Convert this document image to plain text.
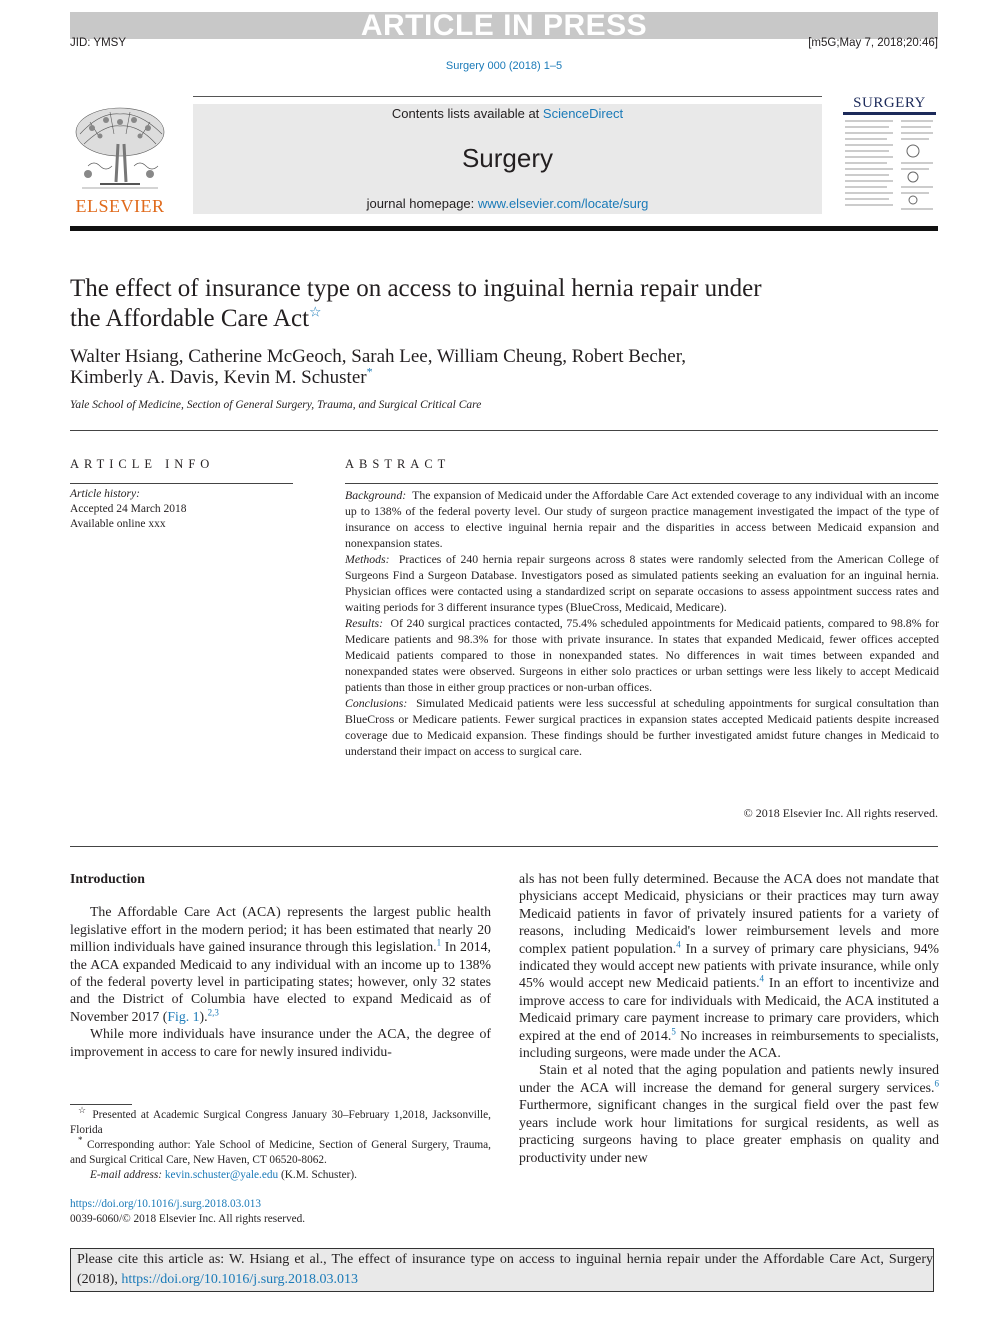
ARTICLE IN PRESS
JID: YMSY	[m5G;May 7, 2018;20:46]
Surgery 000 (2018) 1–5
ELSEVIER
Contents lists available at ScienceDirect
Surgery
journal homepage: www.elsevier.com/locate/surg
SURGERY
The effect of insurance type on access to inguinal hernia repair under
the Affordable Care Act☆
Walter Hsiang, Catherine McGeoch, Sarah Lee, William Cheung, Robert Becher,
Kimberly A. Davis, Kevin M. Schuster*
Yale School of Medicine, Section of General Surgery, Trauma, and Surgical Critical Care
ARTICLE INFO
Article history:
Accepted 24 March 2018
Available online xxx
ABSTRACT

Background: The expansion of Medicaid under the Affordable Care Act extended coverage to any individual with an income up to 138% of the federal poverty level. Our study of surgeon practice management investigated the impact of the type of insurance on access to elective inguinal hernia repair and the disparities in access between Medicaid expansion and nonexpansion states.

Methods: Practices of 240 hernia repair surgeons across 8 states were randomly selected from the American College of Surgeons Find a Surgeon Database. Investigators posed as simulated patients seeking an evaluation for an inguinal hernia. Physician offices were contacted using a standardized script on separate occasions to assess appointment success rates and waiting periods for 3 different insurance types (BlueCross, Medicaid, Medicare).

Results: Of 240 surgical practices contacted, 75.4% scheduled appointments for Medicaid patients, compared to 98.8% for Medicare patients and 98.3% for those with private insurance. In states that expanded Medicaid, fewer offices accepted Medicaid patients compared to those in nonexpanded states. No differences in wait times between expanded and nonexpanded states were observed. Surgeons in either solo practices or urban settings were less likely to accept Medicaid patients than those in either group practices or non-urban offices.

Conclusions: Simulated Medicaid patients were less successful at scheduling appointments for surgical consultation than BlueCross or Medicare patients. Fewer surgical practices in expansion states accepted Medicaid patients despite increased coverage due to Medicaid expansion. These findings should be further investigated amidst future changes in Medicaid to understand their impact on access to surgical care.

© 2018 Elsevier Inc. All rights reserved.
Introduction

The Affordable Care Act (ACA) represents the largest public health legislative effort in the modern period; it has been estimated that nearly 20 million individuals have gained insurance through this legislation.$^1$ In 2014, the ACA expanded Medicaid to any individual with an income up to 138% of the federal poverty level in participating states; however, only 32 states and the District of Columbia have elected to expand Medicaid as of November 2017 (Fig. 1).$^{2,3}$

While more individuals have insurance under the ACA, the degree of improvement in access to care for newly insured individu-

als has not been fully determined. Because the ACA does not mandate that physicians accept Medicaid, physicians or their practices may turn away Medicaid patients in favor of privately insured patients for a variety of reasons, including Medicaid's lower reimbursement levels and more complex patient population.$^4$ In a survey of primary care physicians, 94% indicated they would accept new patients with private insurance, while only 45% would accept new Medicaid patients.$^4$ In an effort to incentivize and improve access to care for individuals with Medicaid, the ACA instituted a Medicaid primary care payment increase to primary care providers, which expired at the end of 2014.$^5$ No increases in reimbursements to specialists, including surgeons, were made under the ACA.

Stain et al noted that the aging population and patients newly insured under the ACA will increase the demand for general surgery services.$^6$ Furthermore, significant changes in the surgical field over the past few years include work hour limitations for surgical residents, as well as practicing surgeons having to place greater emphasis on quality and productivity under new

☆ Presented at Academic Surgical Congress January 30–February 1,2018, Jacksonville, Florida

* Corresponding author: Yale School of Medicine, Section of General Surgery, Trauma, and Surgical Critical Care, New Haven, CT 06520-8062.

E-mail address: kevin.schuster@yale.edu (K.M. Schuster).

https://doi.org/10.1016/j.surg.2018.03.013
0039-6060/© 2018 Elsevier Inc. All rights reserved.
Please cite this article as: W. Hsiang et al., The effect of insurance type on access to inguinal hernia repair under the Affordable Care Act, Surgery (2018), https://doi.org/10.1016/j.surg.2018.03.013
